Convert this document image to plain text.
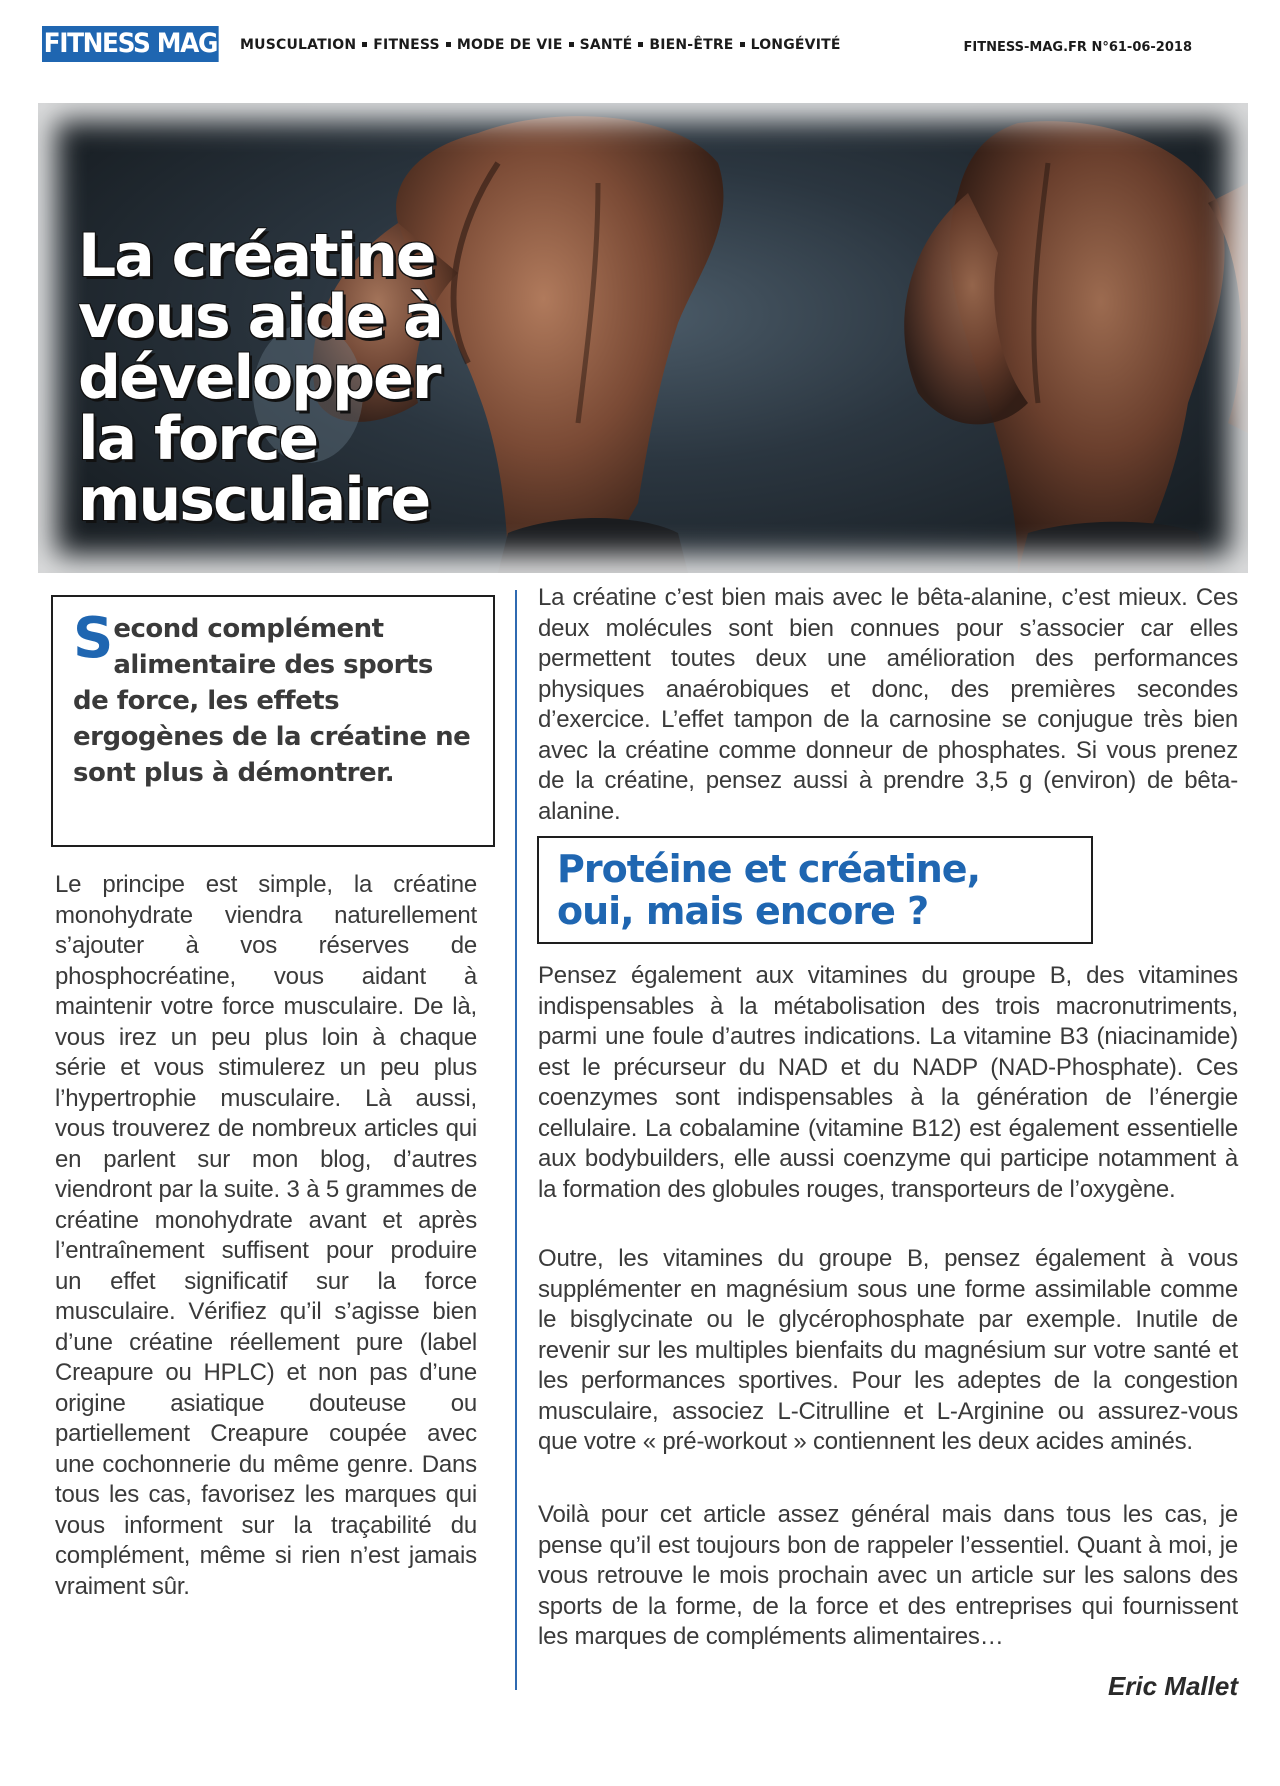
FITNESS MAG MUSCULATION FITNESS MODE DE VIE SANTÉ BIEN-ÊTRE LONGÉVITÉ	FITNESS-MAG.FR N°61-06-2018
La créatine
vous aide à
développer
la force
musculaire

Second complément alimentaire des sports de force, les effets ergogènes de la créatine ne sont plus à démontrer.

Le principe est simple, la créatine monohydrate viendra naturellement s’ajouter à vos réserves de phosphocréatine, vous aidant à maintenir votre force musculaire. De là, vous irez un peu plus loin à chaque série et vous stimulerez un peu plus l’hypertrophie musculaire. Là aussi, vous trouverez de nombreux articles qui en parlent sur mon blog, d’autres viendront par la suite. 3 à 5 grammes de créatine monohydrate avant et après l’entraînement suffisent pour produire un effet significatif sur la force musculaire. Vérifiez qu’il s’agisse bien d’une créatine réellement pure (label Creapure ou HPLC) et non pas d’une origine asiatique douteuse ou partiellement Creapure coupée avec une cochonnerie du même genre. Dans tous les cas, favorisez les marques qui vous informent sur la traçabilité du complément, même si rien n’est jamais vraiment sûr.

La créatine c’est bien mais avec le bêta-alanine, c’est mieux. Ces deux molécules sont bien connues pour s’associer car elles permettent toutes deux une amélioration des performances physiques anaérobiques et donc, des premières secondes d’exercice. L’effet tampon de la carnosine se conjugue très bien avec la créatine comme donneur de phosphates. Si vous prenez de la créatine, pensez aussi à prendre 3,5 g (environ) de bêta-alanine.

Protéine et créatine,
oui, mais encore ?

Pensez également aux vitamines du groupe B, des vitamines indispensables à la métabolisation des trois macronutriments, parmi une foule d’autres indications. La vitamine B3 (niacinamide) est le précurseur du NAD et du NADP (NAD-Phosphate). Ces coenzymes sont indispensables à la génération de l’énergie cellulaire. La cobalamine (vitamine B12) est également essentielle aux bodybuilders, elle aussi coenzyme qui participe notamment à la formation des globules rouges, transporteurs de l’oxygène.

Outre, les vitamines du groupe B, pensez également à vous supplémenter en magnésium sous une forme assimilable comme le bisglycinate ou le glycérophosphate par exemple. Inutile de revenir sur les multiples bienfaits du magnésium sur votre santé et les performances sportives. Pour les adeptes de la congestion musculaire, associez L-Citrulline et L-Arginine ou assurez-vous que votre « pré-workout » contiennent les deux acides aminés.

Voilà pour cet article assez général mais dans tous les cas, je pense qu’il est toujours bon de rappeler l’essentiel. Quant à moi, je vous retrouve le mois prochain avec un article sur les salons des sports de la forme, de la force et des entreprises qui fournissent les marques de compléments alimentaires…

Eric Mallet
